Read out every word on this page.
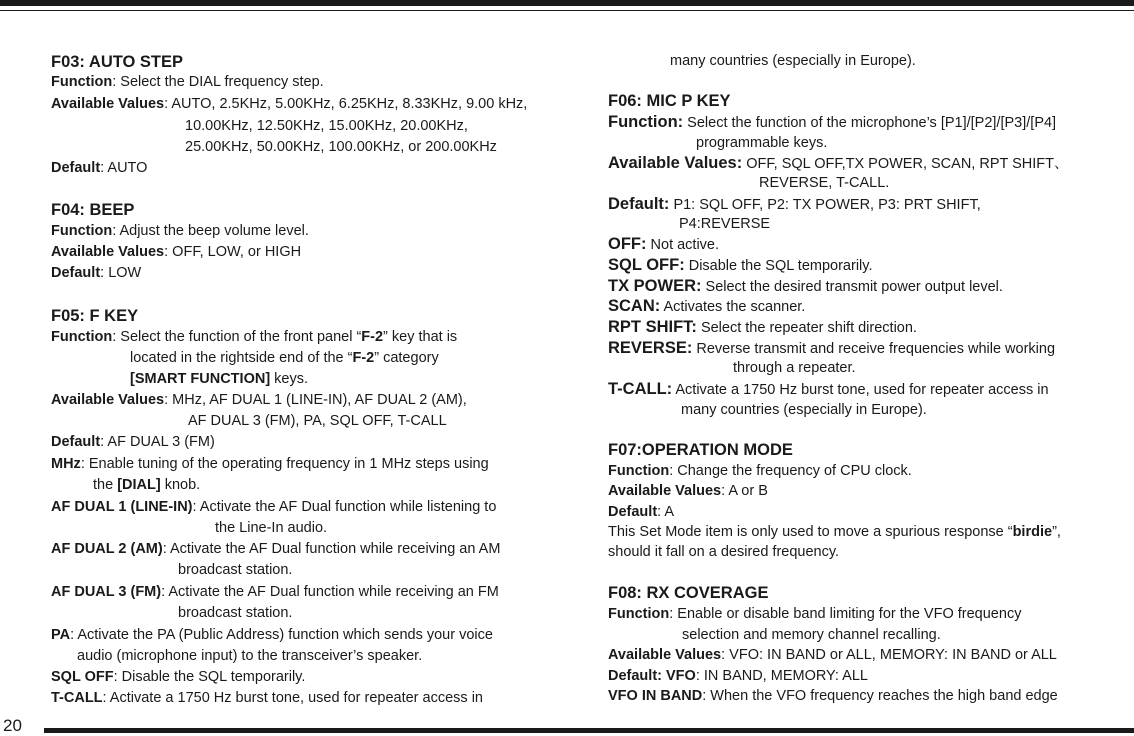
F03: AUTO STEP
Function: Select the DIAL frequency step.
Available Values: AUTO, 2.5KHz, 5.00KHz, 6.25KHz, 8.33KHz, 9.00 kHz,
10.00KHz, 12.50KHz, 15.00KHz, 20.00KHz,
25.00KHz, 50.00KHz, 100.00KHz, or 200.00KHz
Default: AUTO
F04: BEEP
Function: Adjust the beep volume level.
Available Values: OFF, LOW, or HIGH
Default: LOW
F05: F KEY
Function: Select the function of the front panel “F-2” key that is
located in the rightside end of the “F-2” category
[SMART FUNCTION] keys.
Available Values: MHz, AF DUAL 1 (LINE-IN), AF DUAL 2 (AM),
AF DUAL 3 (FM), PA, SQL OFF, T-CALL
Default: AF DUAL 3 (FM)
MHz: Enable tuning of the operating frequency in 1 MHz steps using
the [DIAL] knob.
AF DUAL 1 (LINE-IN): Activate the AF Dual function while listening to
the Line-In audio.
AF DUAL 2 (AM): Activate the AF Dual function while receiving an AM
broadcast station.
AF DUAL 3 (FM): Activate the AF Dual function while receiving an FM
broadcast station.
PA: Activate the PA (Public Address) function which sends your voice
audio (microphone input) to the transceiver’s speaker.
SQL OFF: Disable the SQL temporarily.
T-CALL: Activate a 1750 Hz burst tone, used for repeater access in
many countries (especially in Europe).
F06: MIC P KEY
Function: Select the function of the microphone’s [P1]/[P2]/[P3]/[P4]
programmable keys.
Available Values: OFF, SQL OFF,TX POWER, SCAN, RPT SHIFT、
REVERSE, T-CALL.
Default: P1: SQL OFF, P2: TX POWER, P3: PRT SHIFT,
P4:REVERSE
OFF: Not active.
SQL OFF: Disable the SQL temporarily.
TX POWER: Select the desired transmit power output level.
SCAN: Activates the scanner.
RPT SHIFT: Select the repeater shift direction.
REVERSE: Reverse transmit and receive frequencies while working
through a repeater.
T-CALL: Activate a 1750 Hz burst tone, used for repeater access in
many countries (especially in Europe).
F07:OPERATION MODE
Function: Change the frequency of CPU clock.
Available Values: A or B
Default: A
This Set Mode item is only used to move a spurious response “birdie”,
should it fall on a desired frequency.
F08: RX COVERAGE
Function: Enable or disable band limiting for the VFO frequency
selection and memory channel recalling.
Available Values: VFO: IN BAND or ALL, MEMORY: IN BAND or ALL
Default: VFO: IN BAND, MEMORY: ALL
VFO IN BAND: When the VFO frequency reaches the high band edge
20
